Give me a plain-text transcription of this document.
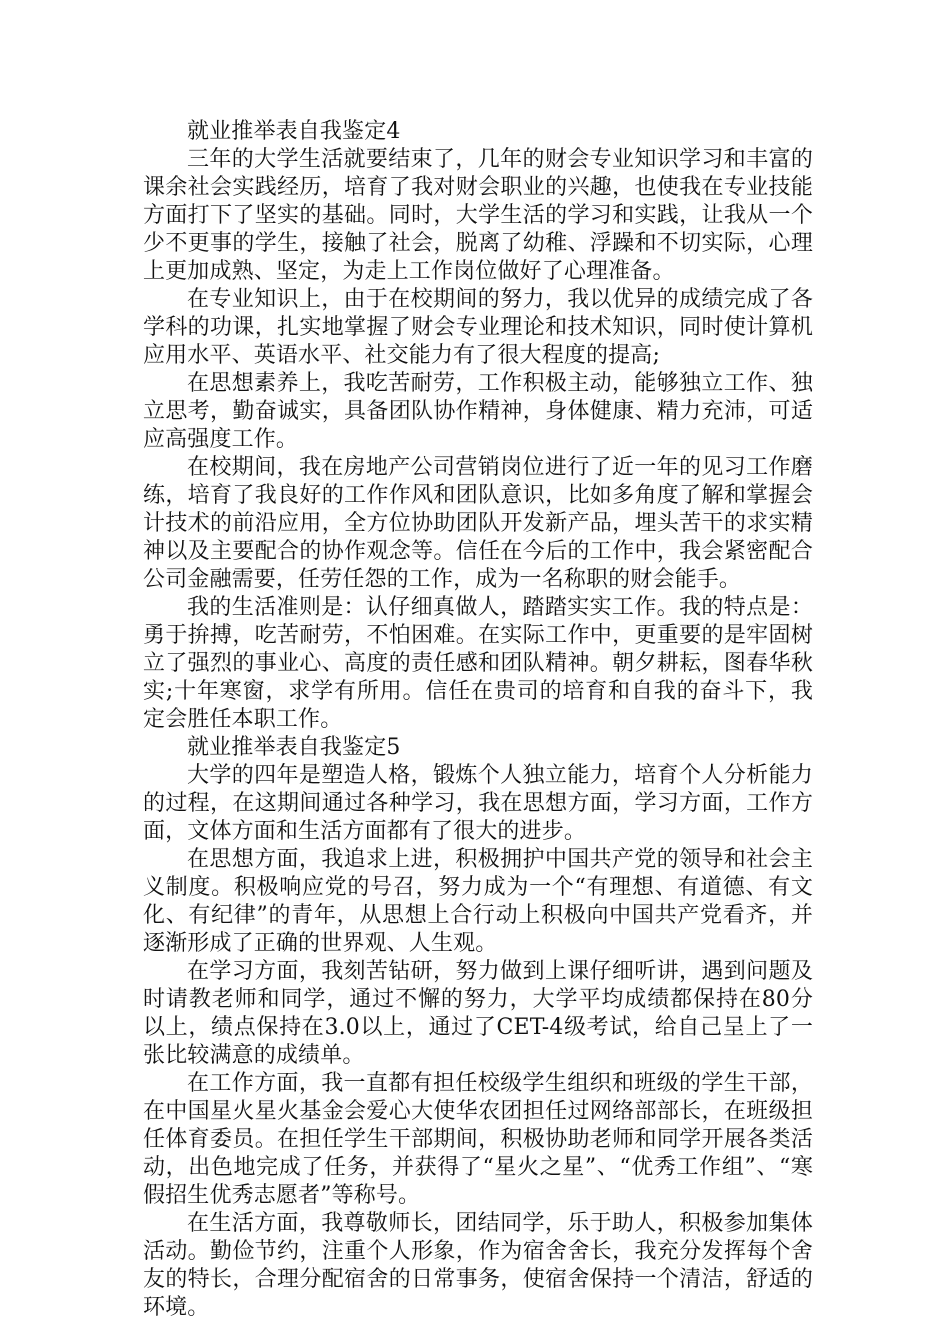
就业推举表自我鉴定4

三年的大学生活就要结束了，几年的财会专业知识学习和丰富的课余社会实践经历，培育了我对财会职业的兴趣，也使我在专业技能方面打下了坚实的基础。同时，大学生活的学习和实践，让我从一个少不更事的学生，接触了社会，脱离了幼稚、浮躁和不切实际，心理上更加成熟、坚定，为走上工作岗位做好了心理准备。

在专业知识上，由于在校期间的努力，我以优异的成绩完成了各学科的功课，扎实地掌握了财会专业理论和技术知识，同时使计算机应用水平、英语水平、社交能力有了很大程度的提高;

在思想素养上，我吃苦耐劳，工作积极主动，能够独立工作、独立思考，勤奋诚实，具备团队协作精神，身体健康、精力充沛，可适应高强度工作。

在校期间，我在房地产公司营销岗位进行了近一年的见习工作磨练，培育了我良好的工作作风和团队意识，比如多角度了解和掌握会计技术的前沿应用，全方位协助团队开发新产品，埋头苦干的求实精神以及主要配合的协作观念等。信任在今后的工作中，我会紧密配合公司金融需要，任劳任怨的工作，成为一名称职的财会能手。

我的生活准则是：认仔细真做人，踏踏实实工作。我的特点是：勇于拚搏，吃苦耐劳，不怕困难。在实际工作中，更重要的是牢固树立了强烈的事业心、高度的责任感和团队精神。朝夕耕耘，图春华秋实;十年寒窗，求学有所用。信任在贵司的培育和自我的奋斗下，我定会胜任本职工作。

就业推举表自我鉴定5

大学的四年是塑造人格，锻炼个人独立能力，培育个人分析能力的过程，在这期间通过各种学习，我在思想方面，学习方面，工作方面，文体方面和生活方面都有了很大的进步。

在思想方面，我追求上进，积极拥护中国共产党的领导和社会主义制度。积极响应党的号召，努力成为一个“有理想、有道德、有文化、有纪律”的青年，从思想上合行动上积极向中国共产党看齐，并逐渐形成了正确的世界观、人生观。

在学习方面，我刻苦钻研，努力做到上课仔细听讲，遇到问题及时请教老师和同学，通过不懈的努力，大学平均成绩都保持在80分以上，绩点保持在3.0以上，通过了CET-4级考试，给自己呈上了一张比较满意的成绩单。

在工作方面，我一直都有担任校级学生组织和班级的学生干部，在中国星火星火基金会爱心大使华农团担任过网络部部长，在班级担任体育委员。在担任学生干部期间，积极协助老师和同学开展各类活动，出色地完成了任务，并获得了“星火之星”、“优秀工作组”、“寒假招生优秀志愿者”等称号。

在生活方面，我尊敬师长，团结同学，乐于助人，积极参加集体活动。勤俭节约，注重个人形象，作为宿舍舍长，我充分发挥每个舍友的特长，合理分配宿舍的日常事务，使宿舍保持一个清洁，舒适的环境。
